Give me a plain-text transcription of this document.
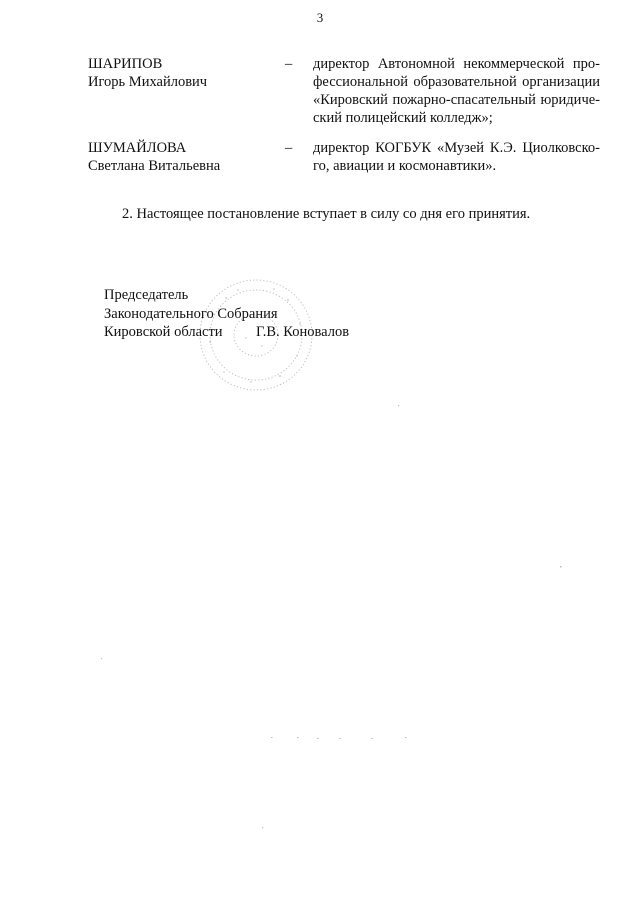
3
ШАРИПОВ
Игорь Михайлович
–	директор Автономной некоммерческой про-
фессиональной образовательной организации
«Кировский пожарно-спасательный юридиче-
ский полицейский колледж»;
ШУМАЙЛОВА
Светлана Витальевна
–	директор КОГБУК «Музей К.Э. Циолковско-
го, авиации и космонавтики».
2. Настоящее постановление вступает в силу со дня его принятия.
Председатель
Законодательного Собрания
Кировской области	Г.В. Коновалов
